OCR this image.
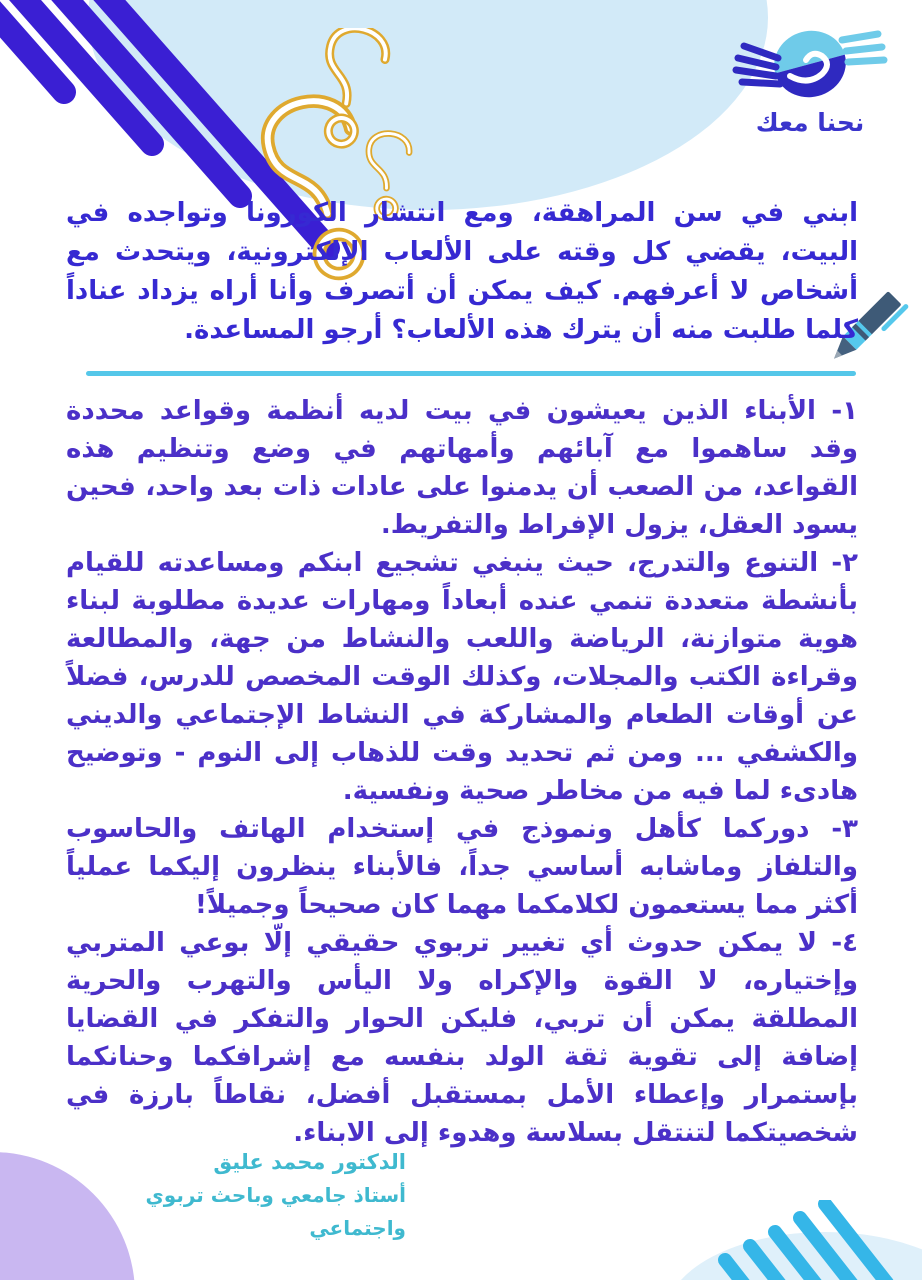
نحنا معك
ابني في سن المراهقة، ومع انتشار الكورونا وتواجده في البيت، يقضي كل وقته على الألعاب الإلكترونية، ويتحدث مع أشخاص لا أعرفهم. كيف يمكن أن أتصرف وأنا أراه يزداد عناداً كلما طلبت منه أن يترك هذه الألعاب؟ أرجو المساعدة.

١- الأبناء الذين يعيشون في بيت لديه أنظمة وقواعد محددة وقد ساهموا مع آبائهم وأمهاتهم في وضع وتنظيم هذه القواعد، من الصعب أن يدمنوا على عادات ذات بعد واحد، فحين يسود العقل، يزول الإفراط والتفريط.

٢- التنوع والتدرج، حيث ينبغي تشجيع ابنكم ومساعدته للقيام بأنشطة متعددة تنمي عنده أبعاداً ومهارات عديدة مطلوبة لبناء هوية متوازنة، الرياضة واللعب والنشاط من جهة، والمطالعة وقراءة الكتب والمجلات، وكذلك الوقت المخصص للدرس، فضلاً عن أوقات الطعام والمشاركة في النشاط الإجتماعي والديني والكشفي ... ومن ثم تحديد وقت للذهاب إلى النوم - وتوضيح هادىء لما فيه من مخاطر صحية ونفسية.

٣- دوركما كأهل ونموذج في إستخدام الهاتف والحاسوب والتلفاز وماشابه أساسي جداً، فالأبناء ينظرون إليكما عملياً أكثر مما يستعمون لكلامكما مهما كان صحيحاً وجميلاً!

٤- لا يمكن حدوث أي تغيير تربوي حقيقي إلّا بوعي المتربي وإختياره، لا القوة والإكراه ولا اليأس والتهرب والحرية المطلقة يمكن أن تربي، فليكن الحوار والتفكر في القضايا إضافة إلى تقوية ثقة الولد بنفسه مع إشرافكما وحنانكما بإستمرار وإعطاء الأمل بمستقبل أفضل، نقاطاً بارزة في شخصيتكما لتنتقل بسلاسة وهدوء إلى الابناء.

الدكتور محمد عليق
أستاذ جامعي وباحث تربوي واجتماعي
